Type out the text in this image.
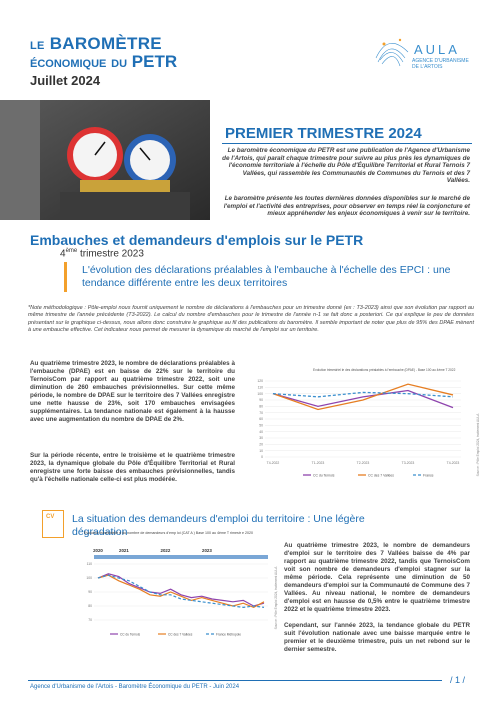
LE BAROMÈTRE
ÉCONOMIQUE DU PETR
Juillet 2024
AULA
AGENCE D'URBANISME DE L'ARTOIS
PREMIER TRIMESTRE 2024
Le baromètre économique du PETR est une publication de l'Agence d'Urbanisme de l'Artois, qui paraît chaque trimestre pour suivre au plus près les dynamiques de l'économie territoriale à l'échelle du Pôle d'Équilibre Territorial et Rural Ternois 7 Vallées, qui rassemble les Communautés de Communes du Ternois et des 7 Vallées.
Le baromètre présente les toutes dernières données disponibles sur le marché de l'emploi et l'activité des entreprises, pour observer en temps réel la conjoncture et mieux appréhender les enjeux économiques à venir sur le territoire.
Embauches et demandeurs d'emplois sur le PETR
4ème trimestre 2023
L'évolution des déclarations préalables à l'embauche à l'échelle des EPCI : une tendance différente entre les deux territoires
*Note méthodologique : Pôle-emploi nous fournit uniquement le nombre de déclarations à l'embauches pour un trimestre donné (ex : T3-2023) ainsi que son évolution par rapport au même trimestre de l'année précédente (T3-2022). Le calcul du nombre d'embauches pour le trimestre de l'année n-1 se fait donc a posteriori. Ce qui explique le peu de données présentant sur le graphique ci-dessus, nous allons donc construire le graphique au fil des publications du baromètre. Il semble important de noter que plus de 95% des DPAE mènent à une embauche effective. Cet indicateur nous permet de mesurer la dynamique du marché de l'emploi sur un territoire.
Au quatrième trimestre 2023, le nombre de déclarations préalables à l'embauche (DPAE) est en baisse de 22% sur le territoire du TernoisCom par rapport au quatrième trimestre 2022, soit une diminution de 260 embauches prévisionnelles. Sur cette même période, le nombre de DPAE sur le territoire des 7 Vallées enregistre une nette hausse de 23%, soit 170 embauches envisagées supplémentaires. La tendance nationale est également à la hausse avec une augmentation du nombre de DPAE de 2%.
Sur la période récente, entre le troisième et le quatrième trimestre 2023, la dynamique globale du Pôle d'Équilibre Territorial et Rural enregistre une forte baisse des embauches prévisionnelles, tandis qu'à l'échelle nationale celle-ci est plus modérée.
Evolution trimestriel le des déclarations préalables à l'embauche (DPAE) - Base 100 au 4ème T 2022
0
10
20
30
40
50
60
70
80
90
100
110
120
T4-2022	T1-2023	T2-2023	T3-2023	T4-2023
CC du Ternois	CC des 7 Vallées	France	Source : Pôle Emploi 2024, traitement AULA
CV La situation des demandeurs d'emploi du territoire : Une légère dégradation
Evolution trimestrielle e du nombre de demandeurs d'emp loi (CAT A ) Base 100 au 4ème T rimestr e 2020
2020	2021	2022	2023
70
80
90
100
110
CC du Ternois	CC des 7 Vallées	France Métropole
Source : Pôle Emploi 2024, traitement AULA
Au quatrième trimestre 2023, le nombre de demandeurs d'emploi sur le territoire des 7 Vallées baisse de 4% par rapport au quatrième trimestre 2022, tandis que TernoisCom voit son nombre de demandeurs d'emploi stagner sur la même période. Cela représente une diminution de 50 demandeurs d'emploi sur la Communauté de Commune des 7 Vallées. Au niveau national, le nombre de demandeurs d'emploi est en hausse de 0,5% entre le quatrième trimestre 2022 et le quatrième trimestre 2023.
Cependant, sur l'année 2023, la tendance globale du PETR suit l'évolution nationale avec une baisse marquée entre le premier et le deuxième trimestre, puis un net rebond sur le dernier semestre.
Agence d'Urbanisme de l'Artois - Baromètre Économique du PETR - Juin 2024
/ 1 /
